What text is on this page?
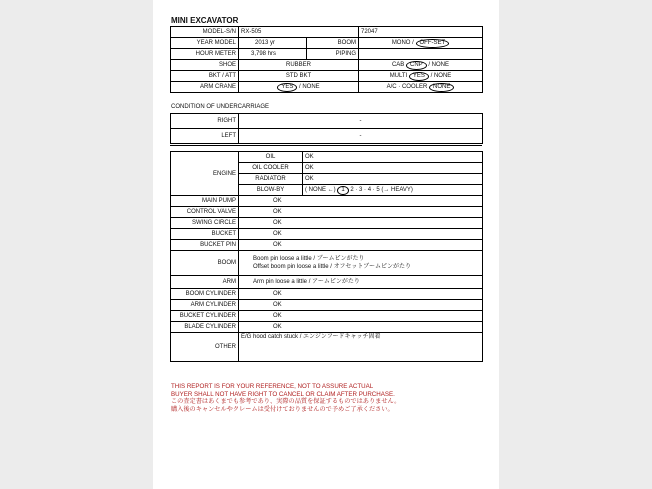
MINI EXCAVATOR
MODEL-S/N	RX-505		72047
YEAR MODEL	2013 yr	BOOM	MONO / OFF-SET
HOUR METER	3,798 hrs	PIPING	
SHOE	RUBBER		CAB CNP / NONE
BKT / ATT	STD BKT		MULTI YES / NONE
ARM CRANE	YES / NONE		A/C · COOLER NONE
CONDITION OF UNDERCARRIAGE
RIGHT	-
LEFT	-
ENGINE	OIL	OK
	OIL COOLER	OK
	RADIATOR	OK
	BLOW-BY	( NONE ←) 1 2 · 3 · 4 · 5 (→ HEAVY)
MAIN PUMP	OK	
CONTROL VALVE	OK	
SWING CIRCLE	OK	
BUCKET	OK	
BUCKET PIN	OK	
BOOM	Boom pin loose a little / ブームピンがたり
Offset boom pin loose a little / オフセットブームピンがたり	

ARM	Arm pin loose a little / アームピンがたり	
BOOM CYLINDER	OK	
ARM CYLINDER	OK	
BUCKET CYLINDER	OK	
BLADE CYLINDER	OK	
OTHER	E/G hood catch stuck / エンジンフードキャッチ固着	
THIS REPORT IS FOR YOUR REFERENCE, NOT TO ASSURE ACTUAL
BUYER SHALL NOT HAVE RIGHT TO CANCEL OR CLAIM AFTER PURCHASE.
この査定書はあくまでも参考であり、実際の品質を保証するものではありません。
購入後のキャンセルやクレームは受付けておりませんので予めご了承ください。
